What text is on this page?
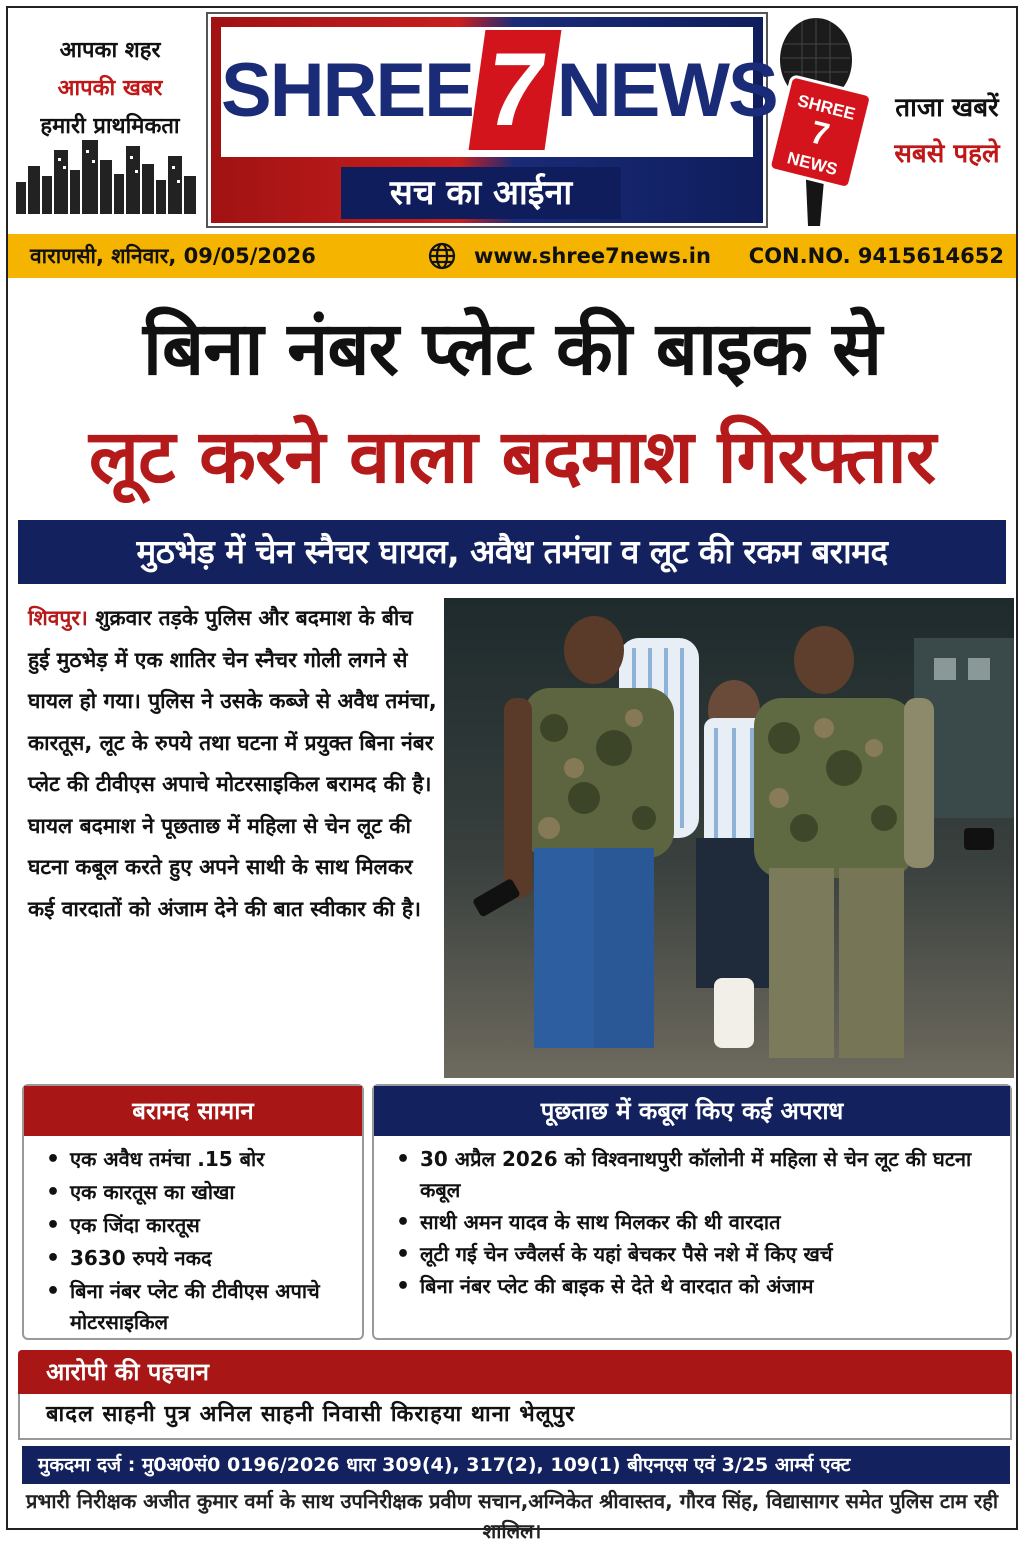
आपका शहर
आपकी खबर
हमारी प्राथमिकता SHREE7NEWS
सच का आईना
SHREE
7
NEWS
ताजा खबरें
सबसे पहले
वाराणसी, शनिवार, 09/05/2026	www.shree7news.in CON.NO. 9415614652
बिना नंबर प्लेट की बाइक से
लूट करने वाला बदमाश गिरफ्तार
मुठभेड़ में चेन स्नैचर घायल, अवैध तमंचा व लूट की रकम बरामद
शिवपुर। शुक्रवार तड़के पुलिस और बदमाश के बीच हुई मुठभेड़ में एक शातिर चेन स्नैचर गोली लगने से घायल हो गया। पुलिस ने उसके कब्जे से अवैध तमंचा, कारतूस, लूट के रुपये तथा घटना में प्रयुक्त बिना नंबर प्लेट की टीवीएस अपाचे मोटरसाइकिल बरामद की है। घायल बदमाश ने पूछताछ में महिला से चेन लूट की घटना कबूल करते हुए अपने साथी के साथ मिलकर कई वारदातों को अंजाम देने की बात स्वीकार की है।
बरामद सामान
• एक अवैध तमंचा .15 बोर
• एक कारतूस का खोखा
• एक जिंदा कारतूस
• 3630 रुपये नकद
• बिना नंबर प्लेट की टीवीएस अपाचे मोटरसाइकिल
पूछताछ में कबूल किए कई अपराध
• 30 अप्रैल 2026 को विश्वनाथपुरी कॉलोनी में महिला से चेन लूट की घटना कबूल
• साथी अमन यादव के साथ मिलकर की थी वारदात
• लूटी गई चेन ज्वैलर्स के यहां बेचकर पैसे नशे में किए खर्च
• बिना नंबर प्लेट की बाइक से देते थे वारदात को अंजाम
आरोपी की पहचान
बादल साहनी पुत्र अनिल साहनी निवासी किराहया थाना भेलूपुर
मुकदमा दर्ज : मु0अ0सं0 0196/2026 धारा 309(4), 317(2), 109(1) बीएनएस एवं 3/25 आर्म्स एक्ट
प्रभारी निरीक्षक अजीत कुमार वर्मा के साथ उपनिरीक्षक प्रवीण सचान,अग्निकेत श्रीवास्तव, गौरव सिंह, विद्यासागर समेत पुलिस टाम रही शालिल।
